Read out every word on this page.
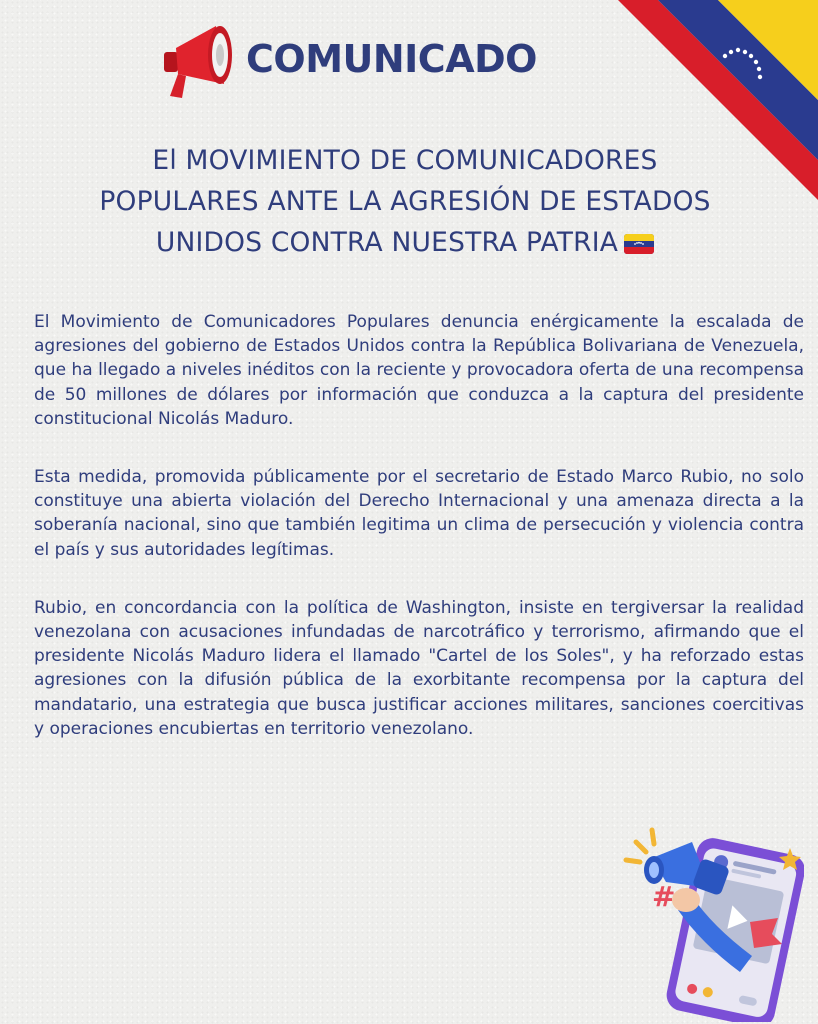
COMUNICADO
El MOVIMIENTO DE COMUNICADORES
POPULARES ANTE LA AGRESIÓN DE ESTADOS
UNIDOS CONTRA NUESTRA PATRIA

El Movimiento de Comunicadores Populares denuncia enérgicamente la escalada de agresiones del gobierno de Estados Unidos contra la República Bolivariana de Venezuela, que ha llegado a niveles inéditos con la reciente y provocadora oferta de una recompensa de 50 millones de dólares por información que conduzca a la captura del presidente constitucional Nicolás Maduro.

Esta medida, promovida públicamente por el secretario de Estado Marco Rubio, no solo constituye una abierta violación del Derecho Internacional y una amenaza directa a la soberanía nacional, sino que también legitima un clima de persecución y violencia contra el país y sus autoridades legítimas.

Rubio, en concordancia con la política de Washington, insiste en tergiversar la realidad venezolana con acusaciones infundadas de narcotráfico y terrorismo, afirmando que el presidente Nicolás Maduro lidera el llamado "Cartel de los Soles", y ha reforzado estas agresiones con la difusión pública de la exorbitante recompensa por la captura del mandatario, una estrategia que busca justificar acciones militares, sanciones coercitivas y operaciones encubiertas en territorio venezolano.

#
